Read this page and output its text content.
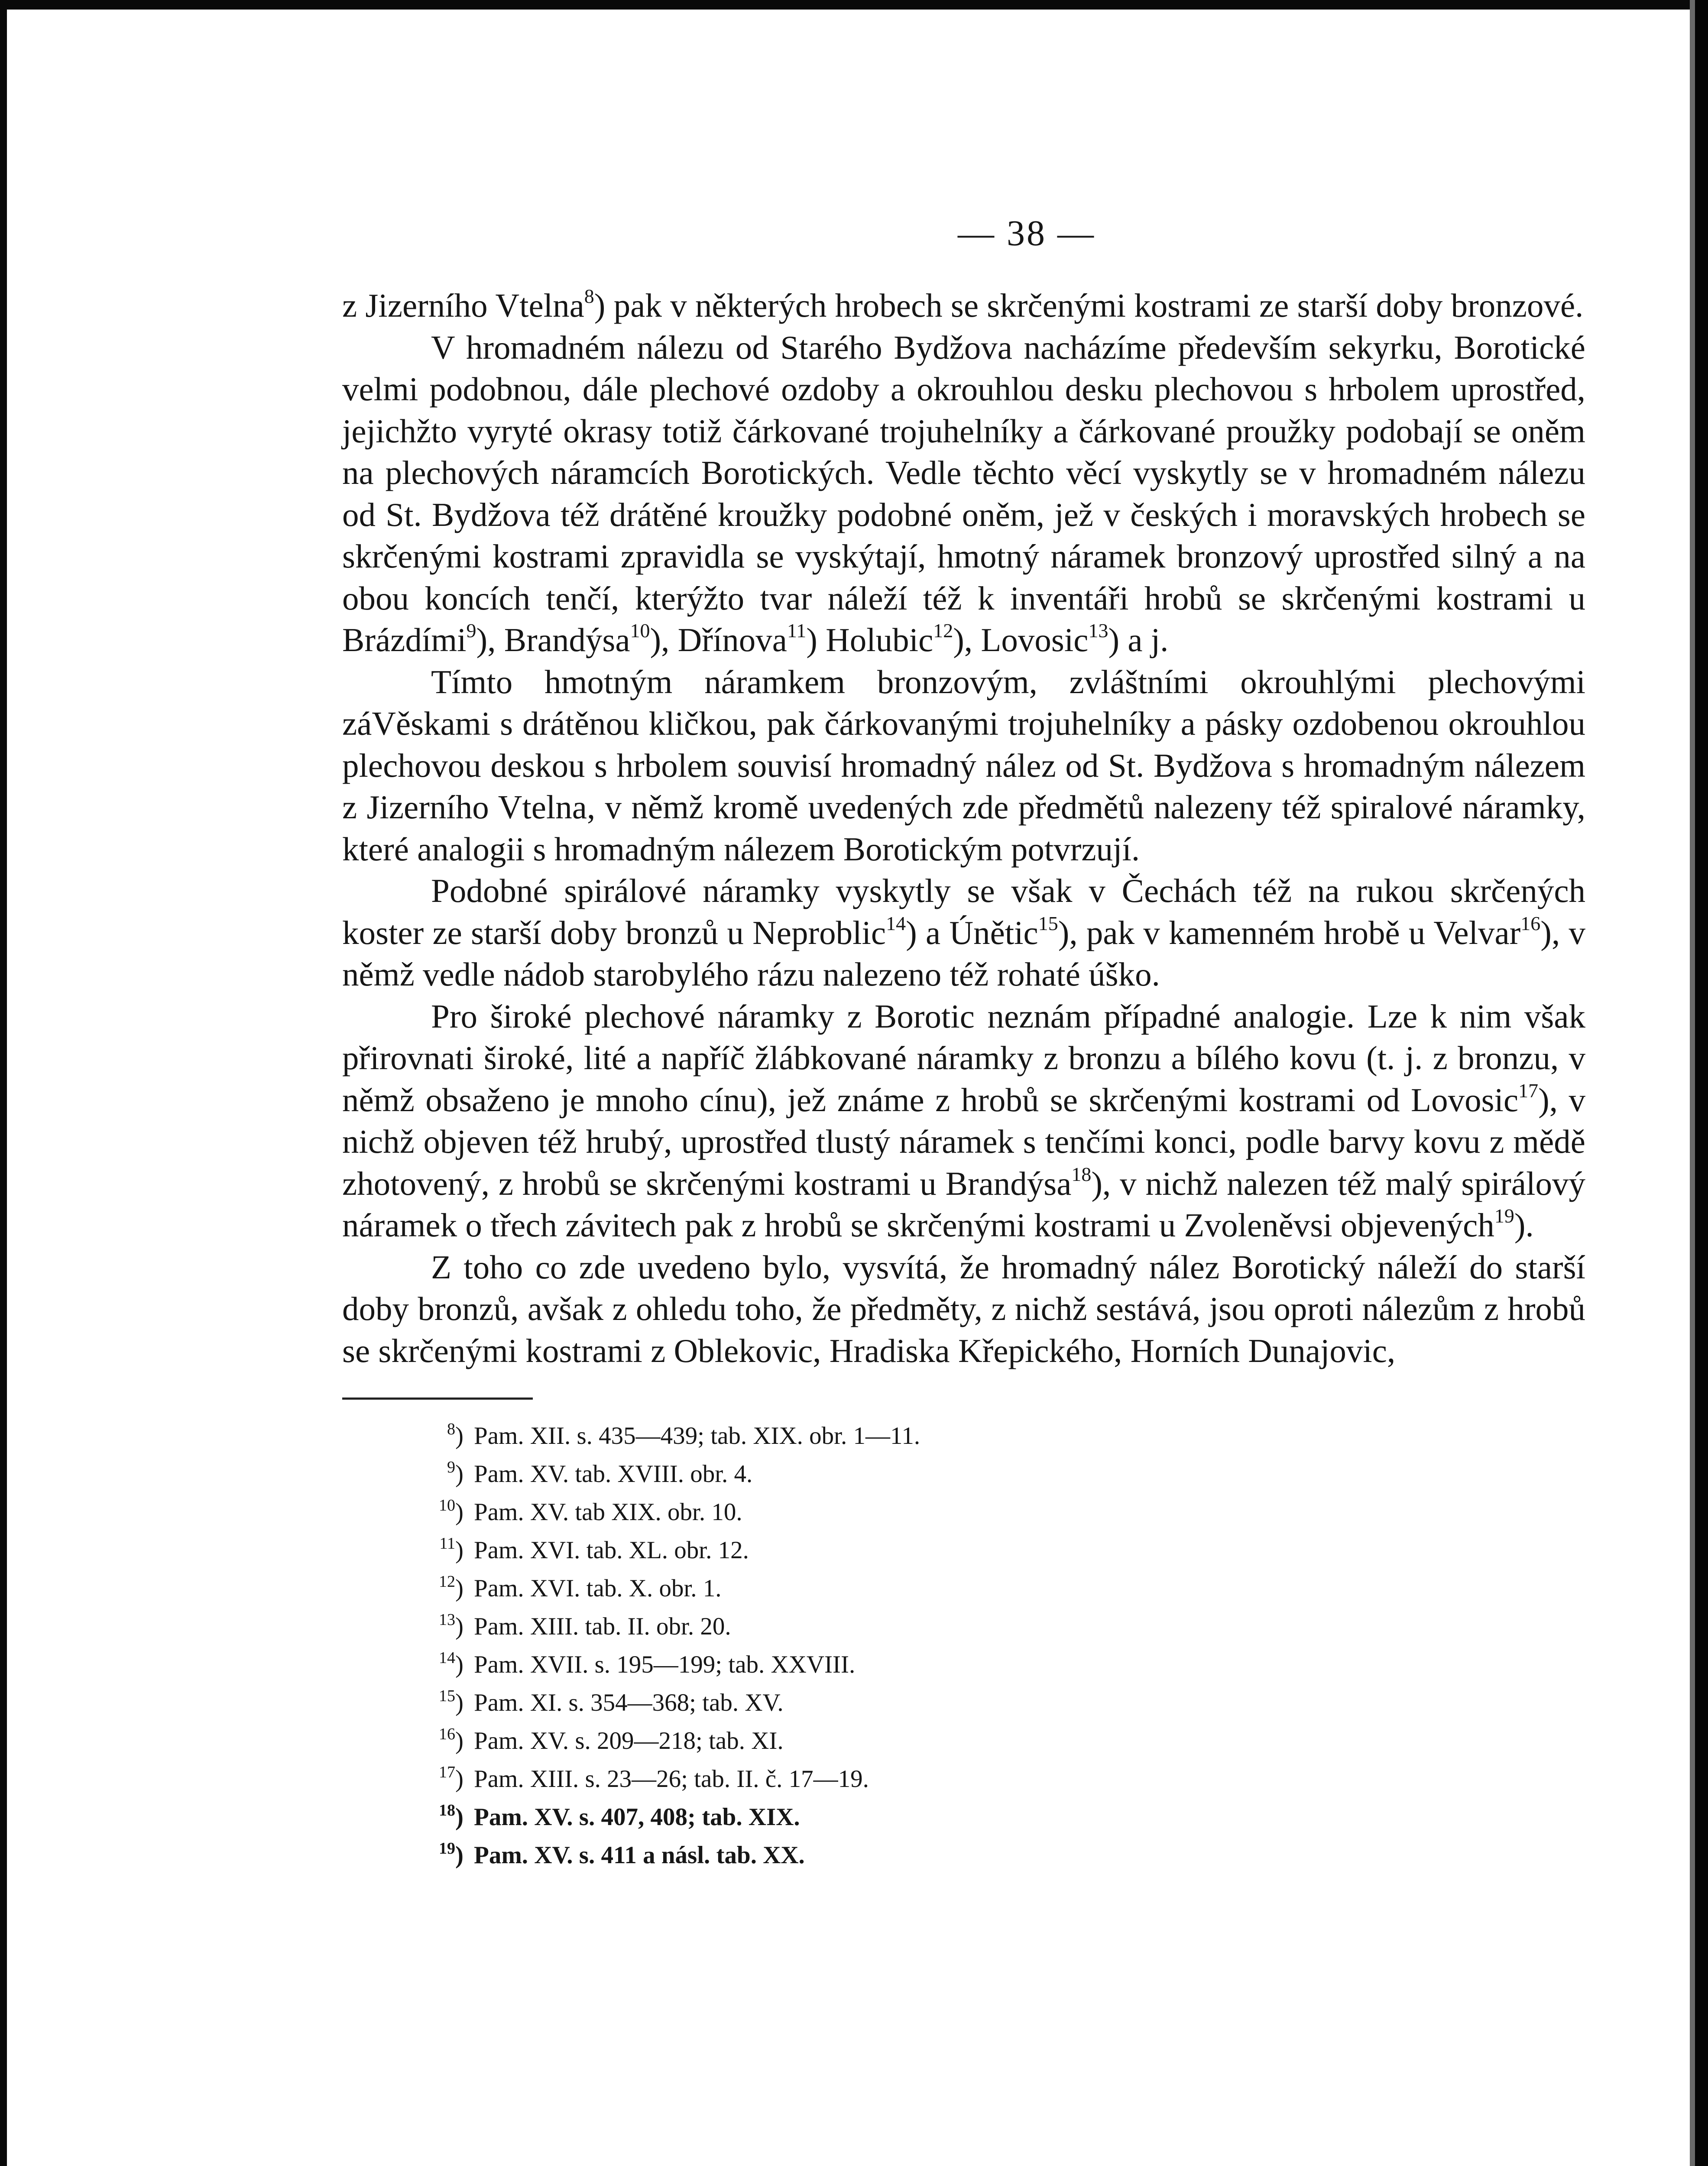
— 38 —
z Jizerního Vtelna$^8$) pak v některých hrobech se skrčenými kostrami ze starší doby bronzové.
V hromadném nálezu od Starého Bydžova nacházíme především sekyrku, Borotické velmi podobnou, dále plechové ozdoby a okrouhlou desku plechovou s hrbolem uprostřed, jejichžto vyryté okrasy totiž čárkované trojuhelníky a čárkované proužky podobají se oněm na plechových náramcích Borotických. Vedle těchto věcí vyskytly se v hromadném nálezu od St. Bydžova též drátěné kroužky podobné oněm, jež v českých i moravských hrobech se skrčenými kostrami zpravidla se vyskýtají, hmotný náramek bronzový uprostřed silný a na obou koncích tenčí, kterýžto tvar náleží též k inventáři hrobů se skrčenými kostrami u Brázdími$^9$), Brandýsa$^{10}$), Dřínova$^{11}$) Holubic$^{12}$), Lovosic$^{13}$) a j.
Tímto hmotným náramkem bronzovým, zvláštními okrouhlými plechovými záVěskami s drátěnou kličkou, pak čárkovanými trojuhelníky a pásky ozdobenou okrouhlou plechovou deskou s hrbolem souvisí hromadný nález od St. Bydžova s hromadným nálezem z Jizerního Vtelna, v němž kromě uvedených zde předmětů nalezeny též spiralové náramky, které analogii s hromadným nálezem Borotickým potvrzují.
Podobné spirálové náramky vyskytly se však v Čechách též na rukou skrčených koster ze starší doby bronzů u Neproblic$^{14}$) a Únětic$^{15}$), pak v kamenném hrobě u Velvar$^{16}$), v němž vedle nádob starobylého rázu nalezeno též rohaté úško.
Pro široké plechové náramky z Borotic neznám případné analogie. Lze k nim však přirovnati široké, lité a napříč žlábkované náramky z bronzu a bílého kovu (t. j. z bronzu, v němž obsaženo je mnoho cínu), jež známe z hrobů se skrčenými kostrami od Lovosic$^{17}$), v nichž objeven též hrubý, uprostřed tlustý náramek s tenčími konci, podle barvy kovu z mědě zhotovený, z hrobů se skrčenými kostrami u Brandýsa$^{18}$), v nichž nalezen též malý spirálový náramek o třech závitech pak z hrobů se skrčenými kostrami u Zvoleněvsi objevených$^{19}$).
Z toho co zde uvedeno bylo, vysvítá, že hromadný nález Borotický náleží do starší doby bronzů, avšak z ohledu toho, že předměty, z nichž sestává, jsou oproti nálezům z hrobů se skrčenými kostrami z Oblekovic, Hradiska Křepického, Horních Dunajovic,
$^8$) Pam. XII. s. 435—439; tab. XIX. obr. 1—11.
$^9$) Pam. XV. tab. XVIII. obr. 4.
$^{10}$) Pam. XV. tab XIX. obr. 10.
$^{11}$) Pam. XVI. tab. XL. obr. 12.
$^{12}$) Pam. XVI. tab. X. obr. 1.
$^{13}$) Pam. XIII. tab. II. obr. 20.
$^{14}$) Pam. XVII. s. 195—199; tab. XXVIII.
$^{15}$) Pam. XI. s. 354—368; tab. XV.
$^{16}$) Pam. XV. s. 209—218; tab. XI.
$^{17}$) Pam. XIII. s. 23—26; tab. II. č. 17—19.
$^{18}$) Pam. XV. s. 407, 408; tab. XIX.
$^{19}$) Pam. XV. s. 411 a násl. tab. XX.
